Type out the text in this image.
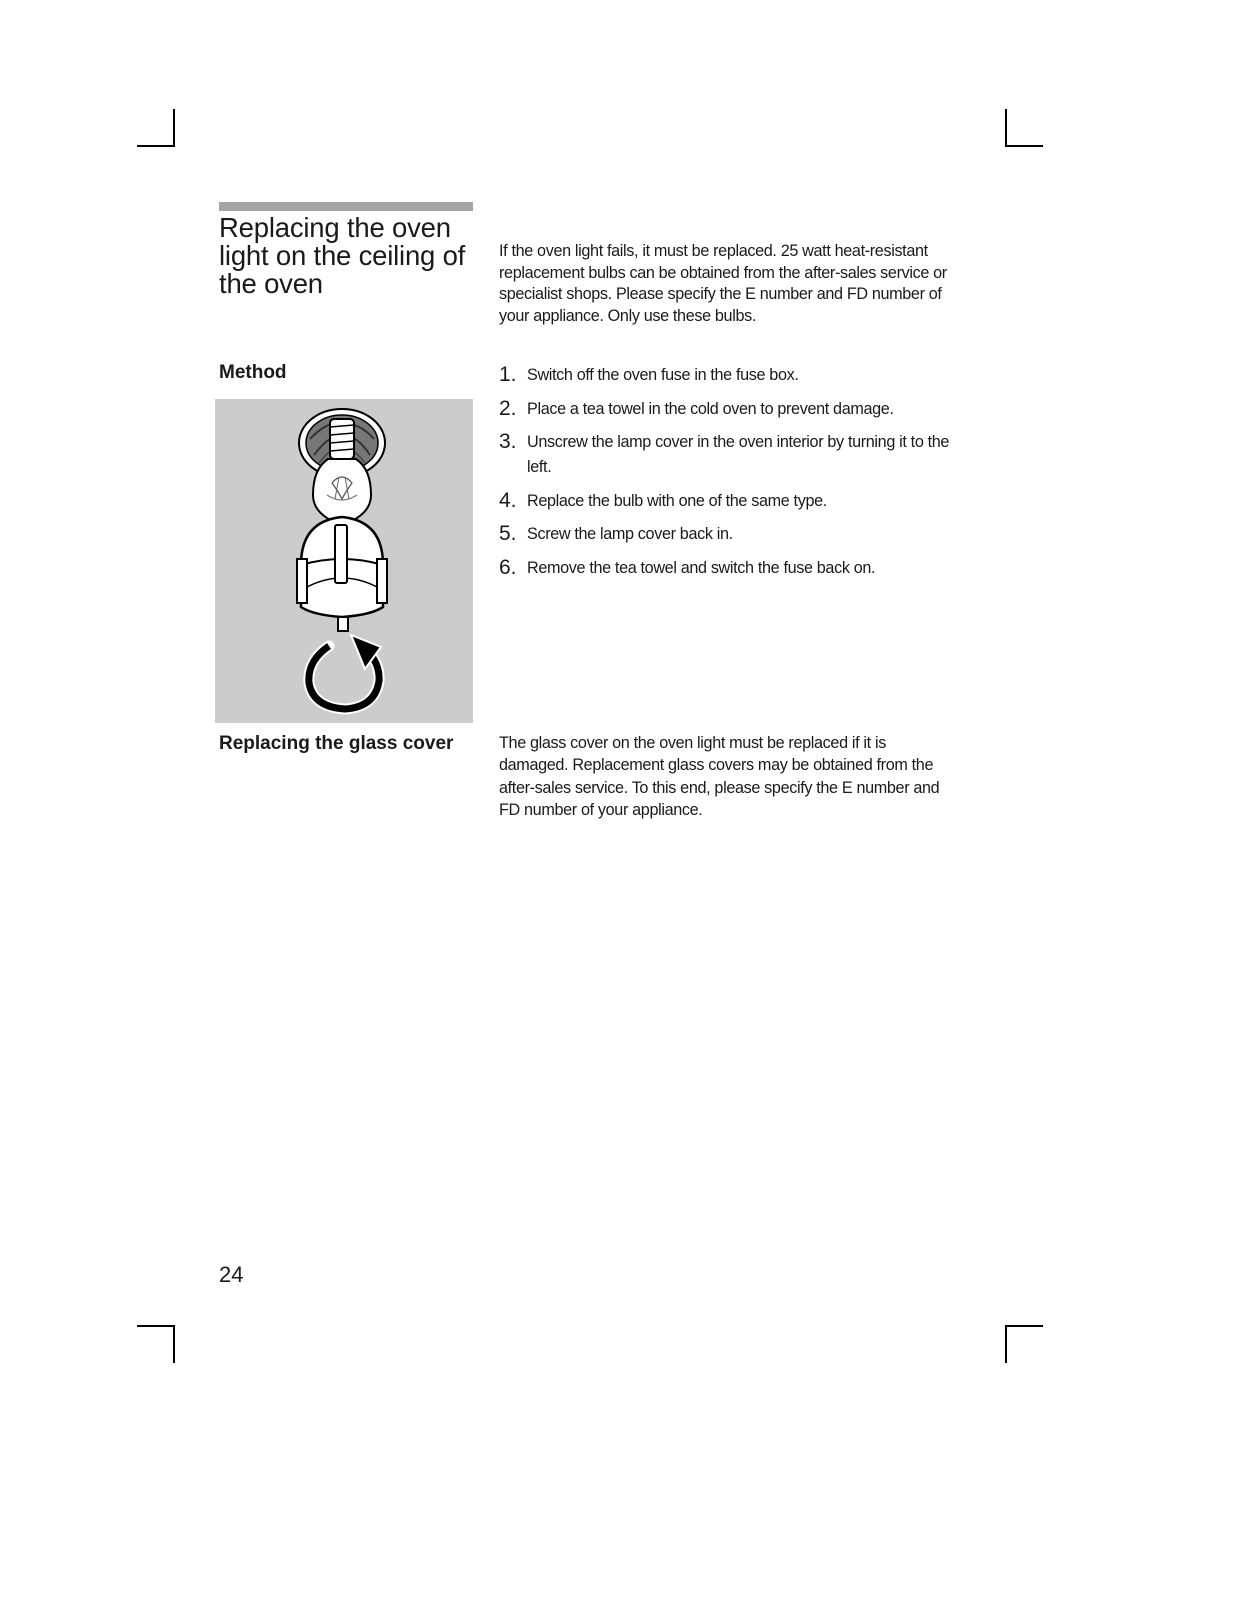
Replacing the oven light on the ceiling of the oven

If the oven light fails, it must be replaced. 25 watt heat-resistant replacement bulbs can be obtained from the after-sales service or specialist shops. Please specify the E number and FD number of your appliance. Only use these bulbs.

Method	1. Switch off the oven fuse in the fuse box.
2. Place a tea towel in the cold oven to prevent damage.
3. Unscrew the lamp cover in the oven interior by turning it to the left.
4. Replace the bulb with one of the same type.
5. Screw the lamp cover back in.
6. Remove the tea towel and switch the fuse back on.
Replacing the glass cover	The glass cover on the oven light must be replaced if it is damaged. Replacement glass covers may be obtained from the after-sales service. To this end, please specify the E number and FD number of your appliance.

24
